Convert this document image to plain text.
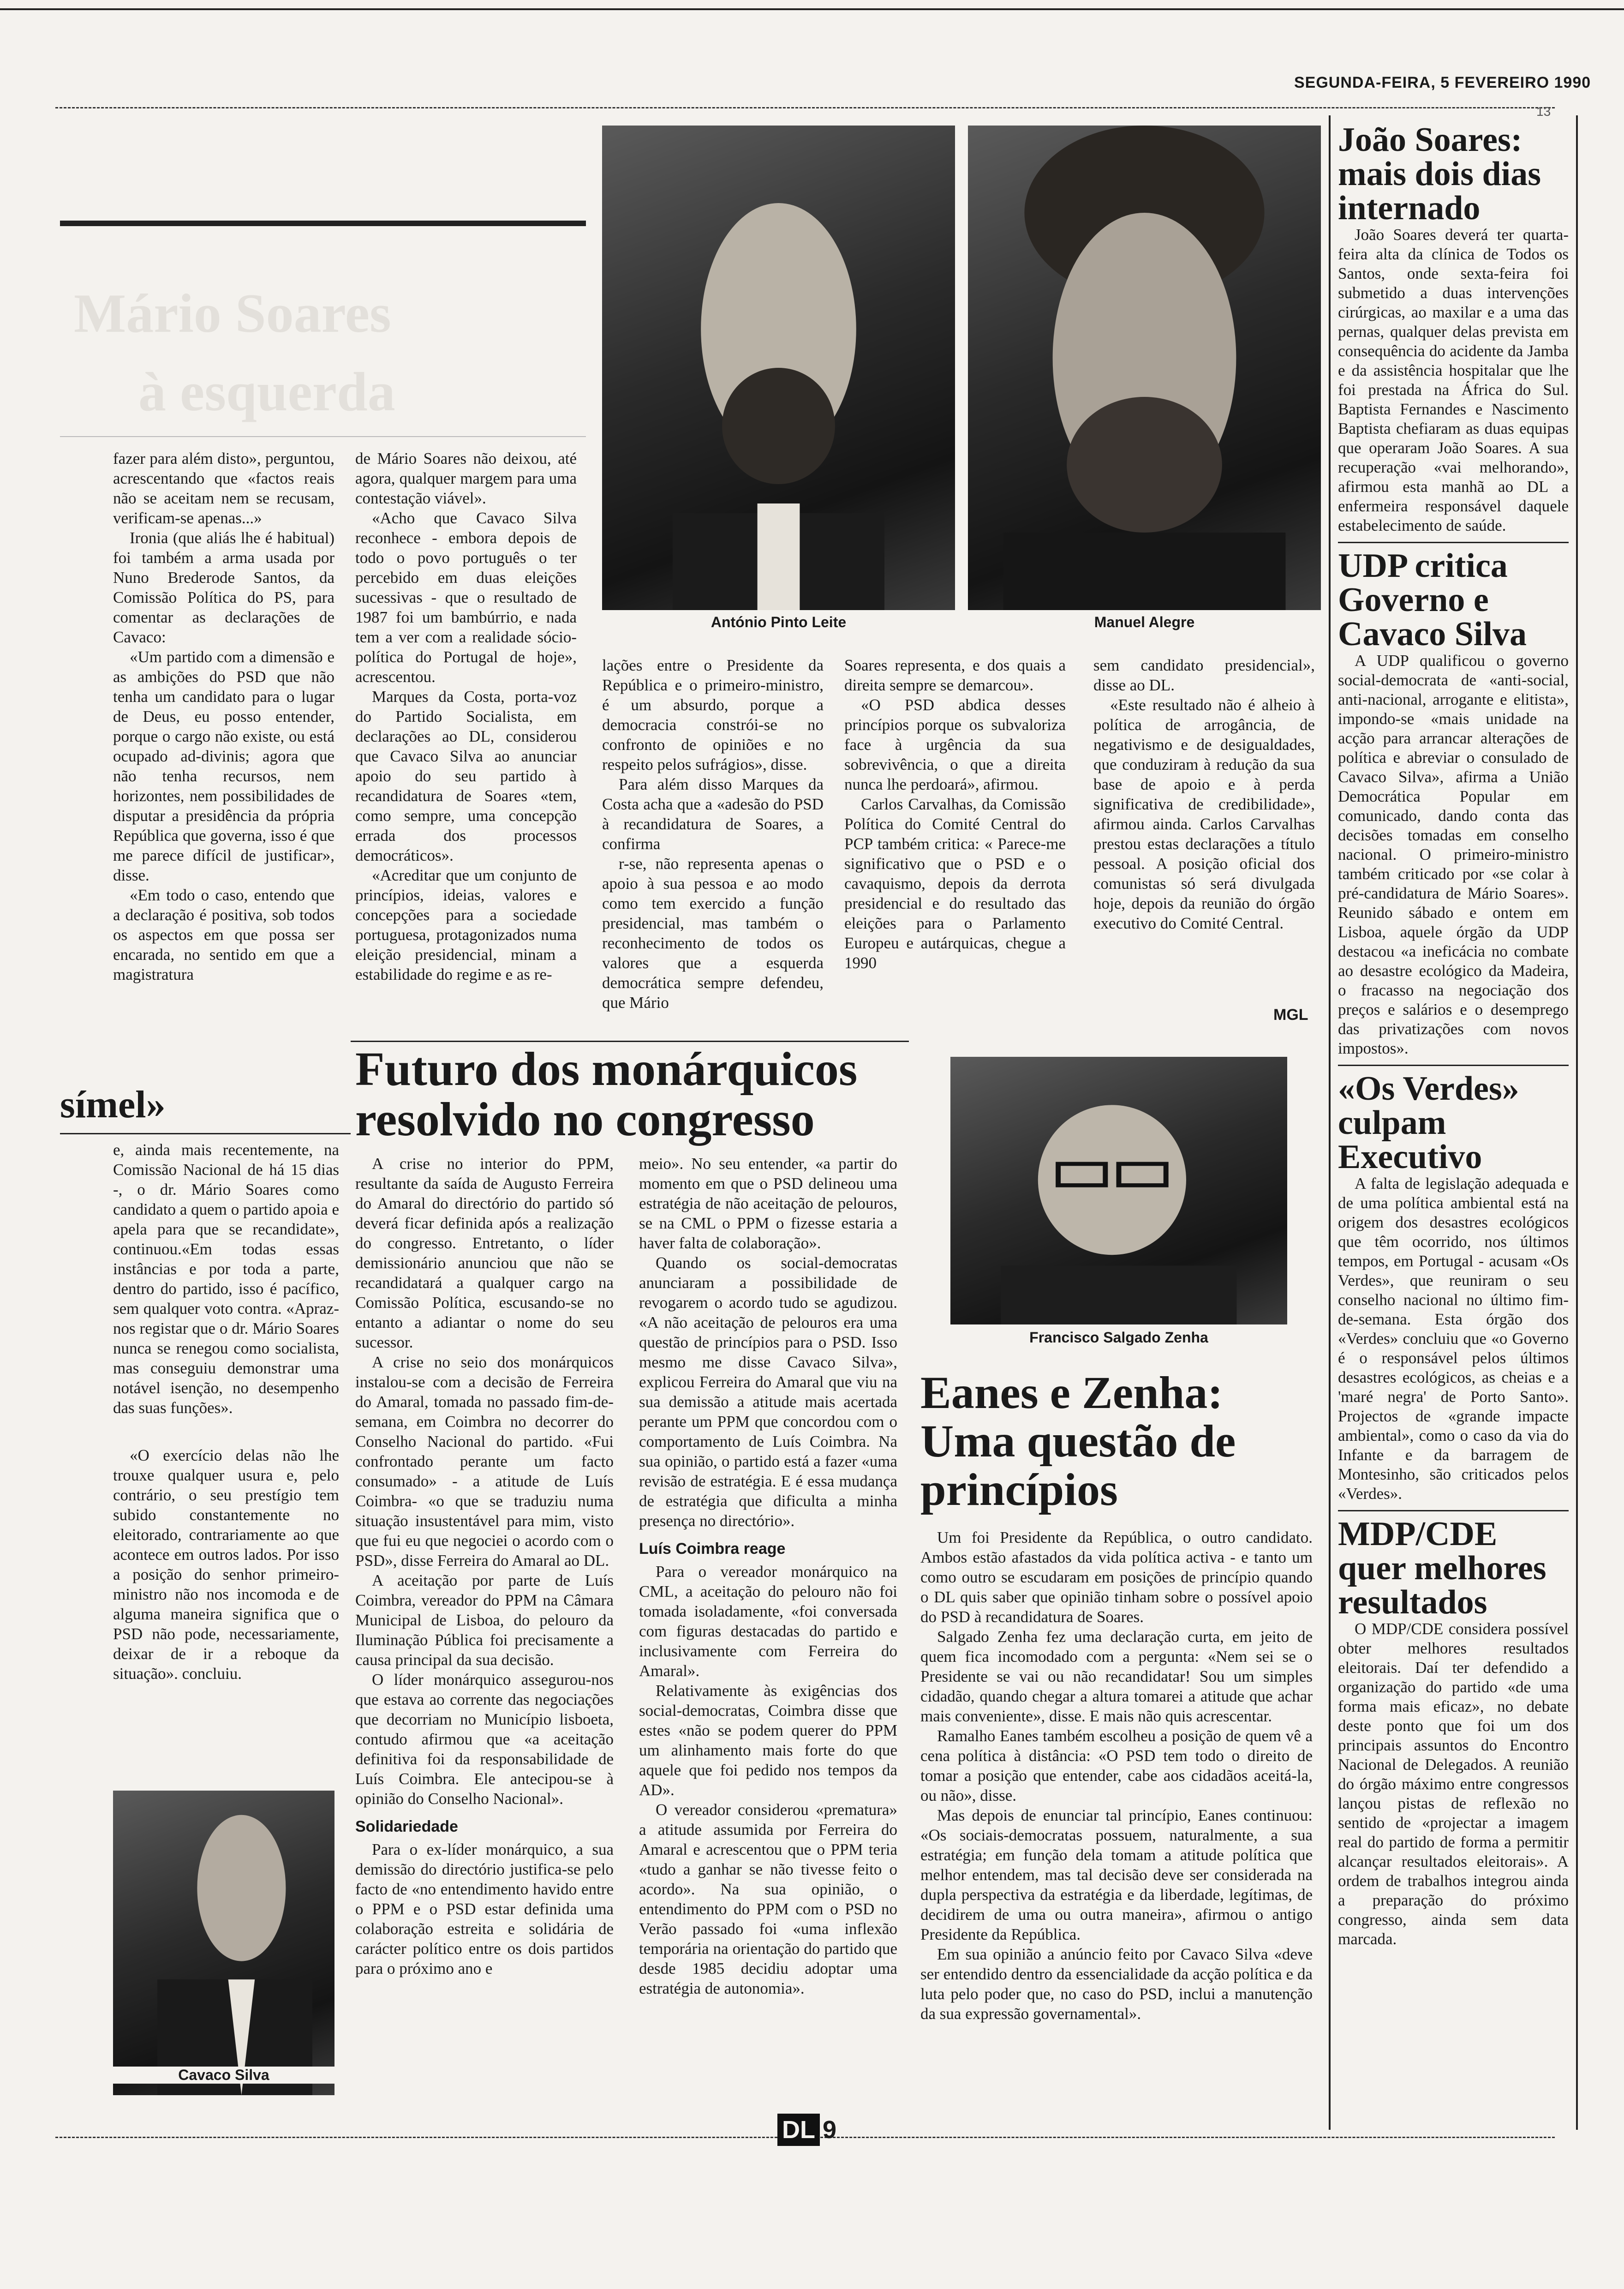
SEGUNDA-FEIRA, 5 FEVEREIRO 1990
13
Mário Soares
à esquerda
António Pinto Leite	Manuel Alegre

fazer para além disto», perguntou, acrescentando que «factos reais não se aceitam nem se recusam, verificam-se apenas...»

Ironia (que aliás lhe é habitual) foi também a arma usada por Nuno Brederode Santos, da Comissão Política do PS, para comentar as declarações de Cavaco:

«Um partido com a dimensão e as ambições do PSD que não tenha um candidato para o lugar de Deus, eu posso entender, porque o cargo não existe, ou está ocupado ad-divinis; agora que não tenha recursos, nem horizontes, nem possibilidades de disputar a presidência da própria República que governa, isso é que me parece difícil de justificar», disse.

«Em todo o caso, entendo que a declaração é positiva, sob todos os aspectos em que possa ser encarada, no sentido em que a magistratura

de Mário Soares não deixou, até agora, qualquer margem para uma contestação viável».

«Acho que Cavaco Silva reconhece - embora depois de todo o povo português o ter percebido em duas eleições sucessivas - que o resultado de 1987 foi um bambúrrio, e nada tem a ver com a realidade sócio-política do Portugal de hoje», acrescentou.

Marques da Costa, porta-voz do Partido Socialista, em declarações ao DL, considerou que Cavaco Silva ao anunciar apoio do seu partido à recandidatura de Soares «tem, como sempre, uma concepção errada dos processos democráticos».

«Acreditar que um conjunto de princípios, ideias, valores e concepções para a sociedade portuguesa, protagonizados numa eleição presidencial, minam a estabilidade do regime e as re-

lações entre o Presidente da República e o primeiro-ministro, é um absurdo, porque a democracia constrói-se no confronto de opiniões e no respeito pelos sufrágios», disse.

Para além disso Marques da Costa acha que a «adesão do PSD à recandidatura de Soares, a confirma

r-se, não representa apenas o apoio à sua pessoa e ao modo como tem exercido a função presidencial, mas também o reconhecimento de todos os valores que a esquerda democrática sempre defendeu, que Mário

Soares representa, e dos quais a direita sempre se demarcou».

«O PSD abdica desses princípios porque os subvaloriza face à urgência da sua sobrevivência, o que a direita nunca lhe perdoará», afirmou.

Carlos Carvalhas, da Comissão Política do Comité Central do PCP também critica: « Parece-me significativo que o PSD e o cavaquismo, depois da derrota presidencial e do resultado das eleições para o Parlamento Europeu e autárquicas, chegue a 1990

sem candidato presidencial», disse ao DL.

«Este resultado não é alheio à política de arrogância, de negativismo e de desigualdades, que conduziram à redução da sua base de apoio e à perda significativa de credibilidade», afirmou ainda. Carlos Carvalhas prestou estas declarações a título pessoal. A posição oficial dos comunistas só será divulgada hoje, depois da reunião do órgão executivo do Comité Central.

MGL
símel»

e, ainda mais recentemente, na Comissão Nacional de há 15 dias -, o dr. Mário Soares como candidato a quem o partido apoia e apela para que se recandidate», continuou.«Em todas essas instâncias e por toda a parte, dentro do partido, isso é pacífico, sem qualquer voto contra. «Apraz-nos registar que o dr. Mário Soares nunca se renegou como socialista, mas conseguiu demonstrar uma notável isenção, no desempenho das suas funções».

«O exercício delas não lhe trouxe qualquer usura e, pelo contrário, o seu prestígio tem subido constantemente no eleitorado, contrariamente ao que acontece em outros lados. Por isso a posição do senhor primeiro-ministro não nos incomoda e de alguma maneira significa que o PSD não pode, necessariamente, deixar de ir a reboque da situação». concluiu.

Cavaco Silva
Futuro dos monárquicos resolvido no congresso

A crise no interior do PPM, resultante da saída de Augusto Ferreira do Amaral do directório do partido só deverá ficar definida após a realização do congresso. Entretanto, o líder demissionário anunciou que não se recandidatará a qualquer cargo na Comissão Política, escusando-se no entanto a adiantar o nome do seu sucessor.

A crise no seio dos monárquicos instalou-se com a decisão de Ferreira do Amaral, tomada no passado fim-de-semana, em Coimbra no decorrer do Conselho Nacional do partido. «Fui confrontado perante um facto consumado» - a atitude de Luís Coimbra- «o que se traduziu numa situação insustentável para mim, visto que fui eu que negociei o acordo com o PSD», disse Ferreira do Amaral ao DL.

A aceitação por parte de Luís Coimbra, vereador do PPM na Câmara Municipal de Lisboa, do pelouro da Iluminação Pública foi precisamente a causa principal da sua decisão.

O líder monárquico assegurou-nos que estava ao corrente das negociações que decorriam no Município lisboeta, contudo afirmou que «a aceitação definitiva foi da responsabilidade de Luís Coimbra. Ele antecipou-se à opinião do Conselho Nacional».

Solidariedade

Para o ex-líder monárquico, a sua demissão do directório justifica-se pelo facto de «no entendimento havido entre o PPM e o PSD estar definida uma colaboração estreita e solidária de carácter político entre os dois partidos para o próximo ano e

meio». No seu entender, «a partir do momento em que o PSD delineou uma estratégia de não aceitação de pelouros, se na CML o PPM o fizesse estaria a haver falta de colaboração».

Quando os social-democratas anunciaram a possibilidade de revogarem o acordo tudo se agudizou. «A não aceitação de pelouros era uma questão de princípios para o PSD. Isso mesmo me disse Cavaco Silva», explicou Ferreira do Amaral que viu na sua demissão a atitude mais acertada perante um PPM que concordou com o comportamento de Luís Coimbra. Na sua opinião, o partido está a fazer «uma revisão de estratégia. E é essa mudança de estratégia que dificulta a minha presença no directório».

Luís Coimbra reage

Para o vereador monárquico na CML, a aceitação do pelouro não foi tomada isoladamente, «foi conversada com figuras destacadas do partido e inclusivamente com Ferreira do Amaral».

Relativamente às exigências dos social-democratas, Coimbra disse que estes «não se podem querer do PPM um alinhamento mais forte do que aquele que foi pedido nos tempos da AD».

O vereador considerou «prematura» a atitude assumida por Ferreira do Amaral e acrescentou que o PPM teria «tudo a ganhar se não tivesse feito o acordo». Na sua opinião, o entendimento do PPM com o PSD no Verão passado foi «uma inflexão temporária na orientação do partido que desde 1985 decidiu adoptar uma estratégia de autonomia».

Francisco Salgado Zenha
Eanes e Zenha: Uma questão de princípios

Um foi Presidente da República, o outro candidato. Ambos estão afastados da vida política activa - e tanto um como outro se escudaram em posições de princípio quando o DL quis saber que opinião tinham sobre o possível apoio do PSD à recandidatura de Soares.

Salgado Zenha fez uma declaração curta, em jeito de quem fica incomodado com a pergunta: «Nem sei se o Presidente se vai ou não recandidatar! Sou um simples cidadão, quando chegar a altura tomarei a atitude que achar mais conveniente», disse. E mais não quis acrescentar.

Ramalho Eanes também escolheu a posição de quem vê a cena política à distância: «O PSD tem todo o direito de tomar a posição que entender, cabe aos cidadãos aceitá-la, ou não», disse.

Mas depois de enunciar tal princípio, Eanes continuou: «Os sociais-democratas possuem, naturalmente, a sua estratégia; em função dela tomam a atitude política que melhor entendem, mas tal decisão deve ser considerada na dupla perspectiva da estratégia e da liberdade, legítimas, de decidirem de uma ou outra maneira», afirmou o antigo Presidente da República.

Em sua opinião a anúncio feito por Cavaco Silva «deve ser entendido dentro da essencialidade da acção política e da luta pelo poder que, no caso do PSD, inclui a manutenção da sua expressão governamental».

João Soares: mais dois dias internado

João Soares deverá ter quarta-feira alta da clínica de Todos os Santos, onde sexta-feira foi submetido a duas intervenções cirúrgicas, ao maxilar e a uma das pernas, qualquer delas prevista em consequência do acidente da Jamba e da assistência hospitalar que lhe foi prestada na África do Sul. Baptista Fernandes e Nascimento Baptista chefiaram as duas equipas que operaram João Soares. A sua recuperação «vai melhorando», afirmou esta manhã ao DL a enfermeira responsável daquele estabelecimento de saúde.

UDP critica Governo e Cavaco Silva

A UDP qualificou o governo social-democrata de «anti-social, anti-nacional, arrogante e elitista», impondo-se «mais unidade na acção para arrancar alterações de política e abreviar o consulado de Cavaco Silva», afirma a União Democrática Popular em comunicado, dando conta das decisões tomadas em conselho nacional. O primeiro-ministro também criticado por «se colar à pré-candidatura de Mário Soares». Reunido sábado e ontem em Lisboa, aquele órgão da UDP destacou «a ineficácia no combate ao desastre ecológico da Madeira, o fracasso na negociação dos preços e salários e o desemprego das privatizações com novos impostos».

«Os Verdes» culpam Executivo

A falta de legislação adequada e de uma política ambiental está na origem dos desastres ecológicos que têm ocorrido, nos últimos tempos, em Portugal - acusam «Os Verdes», que reuniram o seu conselho nacional no último fim-de-semana. Esta órgão dos «Verdes» concluiu que «o Governo é o responsável pelos últimos desastres ecológicos, as cheias e a 'maré negra' de Porto Santo». Projectos de «grande impacte ambiental», como o caso da via do Infante e da barragem de Montesinho, são criticados pelos «Verdes».

MDP/CDE quer melhores resultados

O MDP/CDE considera possível obter melhores resultados eleitorais. Daí ter defendido a organização do partido «de uma forma mais eficaz», no debate deste ponto que foi um dos principais assuntos do Encontro Nacional de Delegados. A reunião do órgão máximo entre congressos lançou pistas de reflexão no sentido de «projectar a imagem real do partido de forma a permitir alcançar resultados eleitorais». A ordem de trabalhos integrou ainda a preparação do próximo congresso, ainda sem data marcada.

DL 9
